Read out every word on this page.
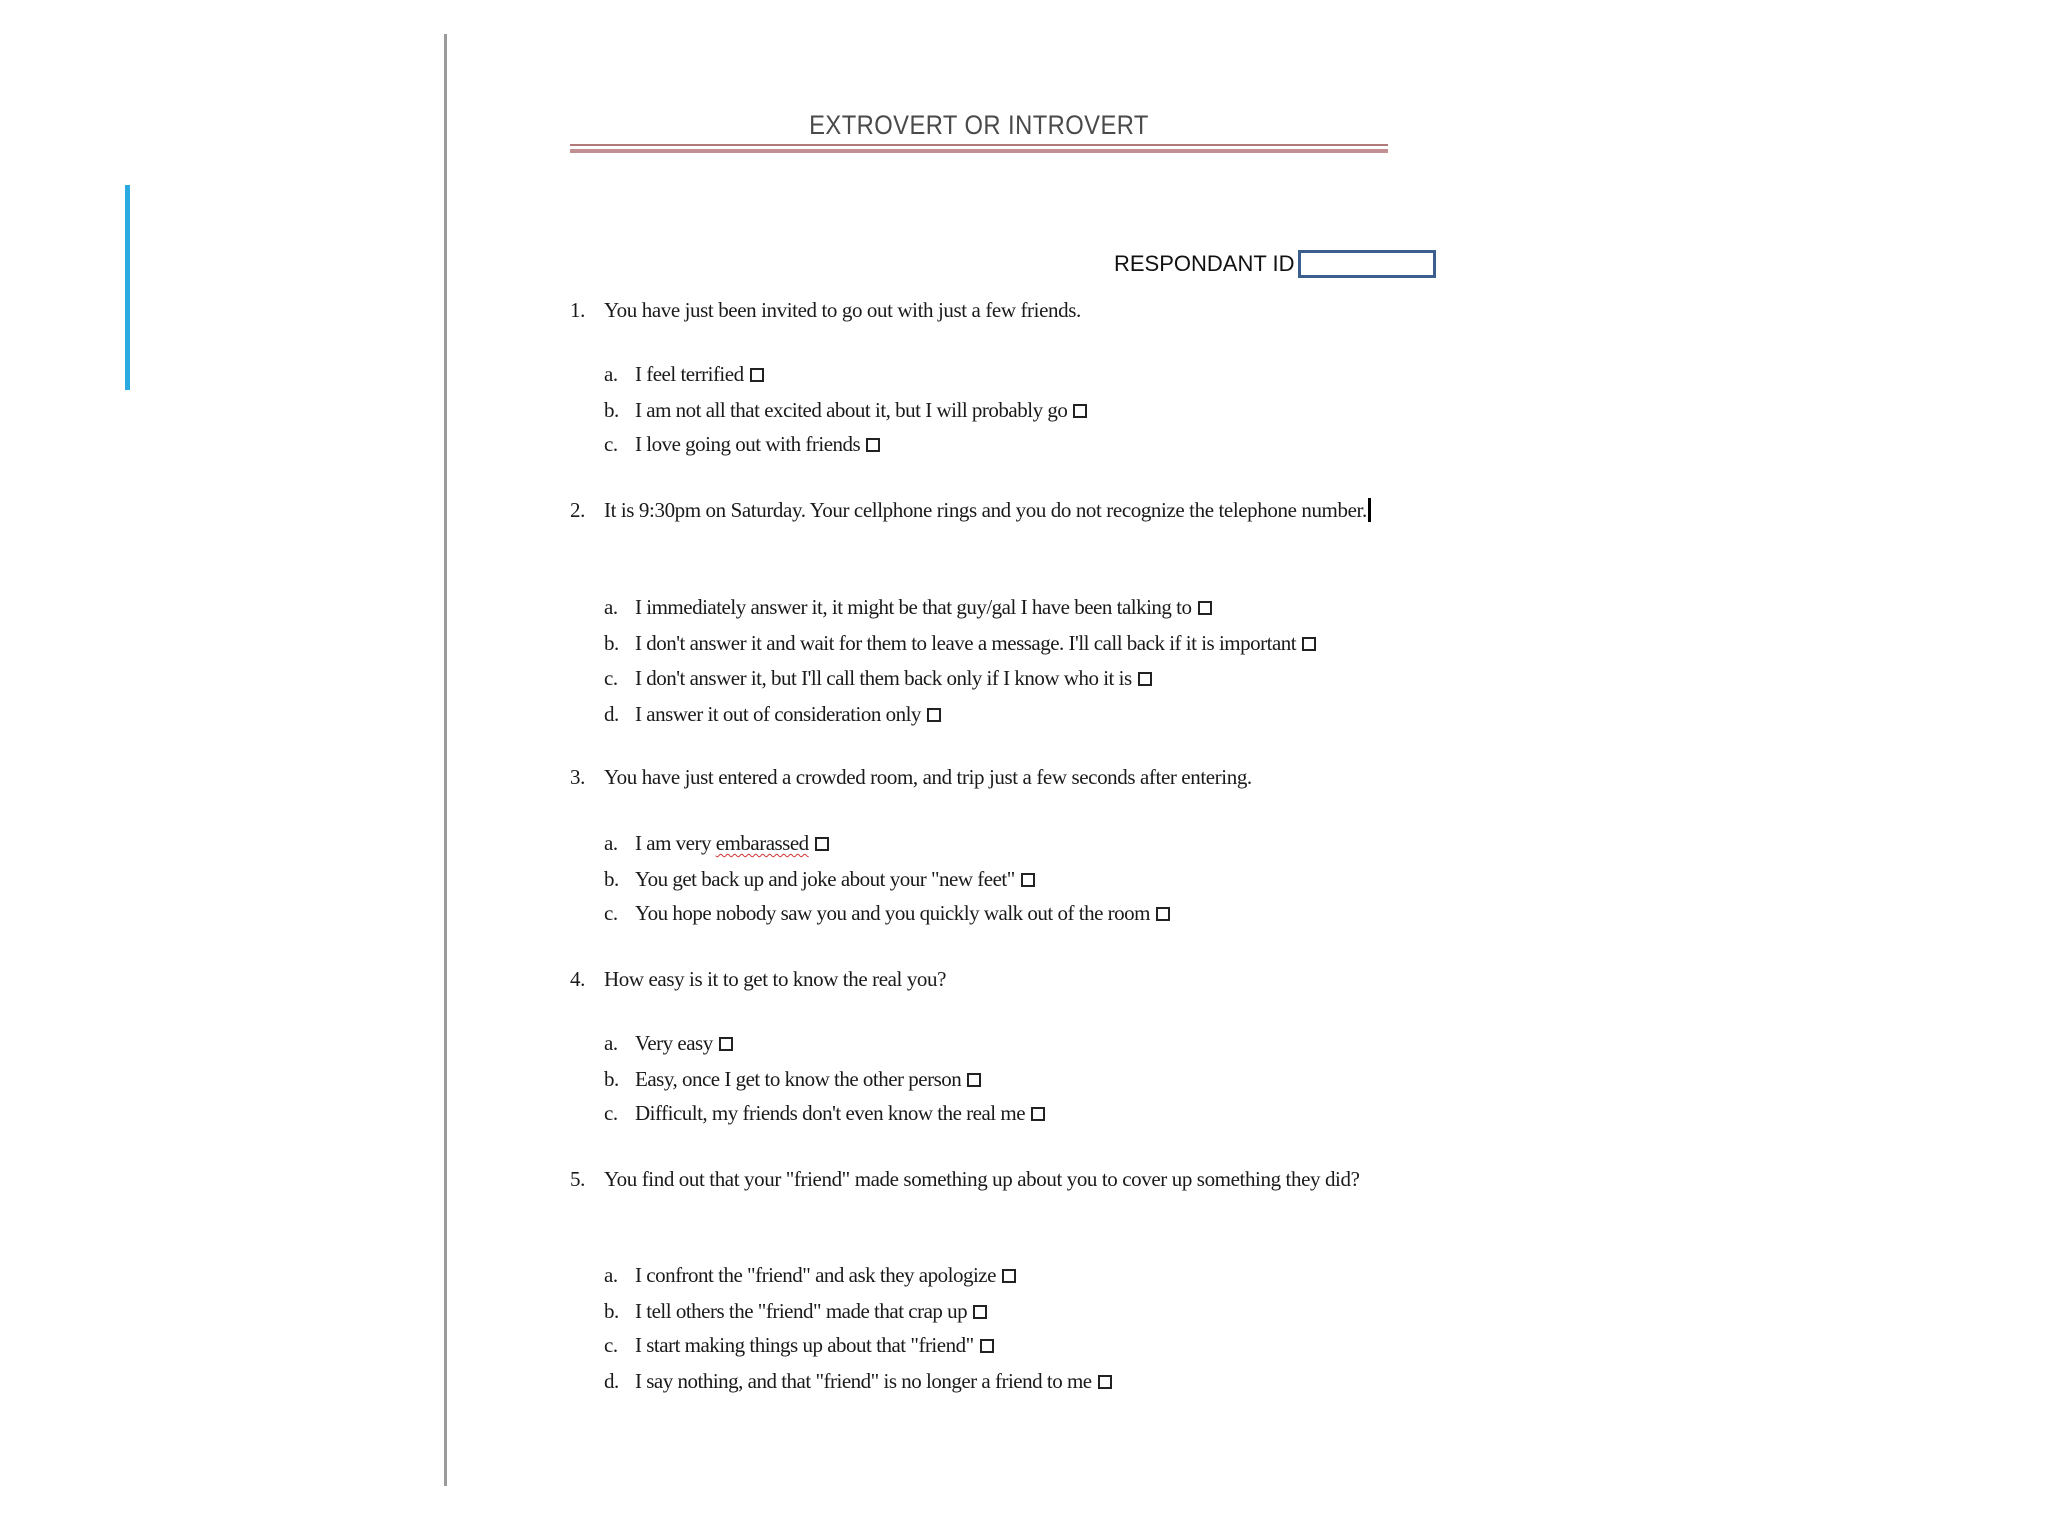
EXTROVERT OR INTROVERT
RESPONDANT ID
1. You have just been invited to go out with just a few friends.
a. I feel terrified
b. I am not all that excited about it, but I will probably go
c. I love going out with friends
2. It is 9:30pm on Saturday. Your cellphone rings and you do not recognize the telephone number.
a. I immediately answer it, it might be that guy/gal I have been talking to
b. I don't answer it and wait for them to leave a message. I'll call back if it is important
c. I don't answer it, but I'll call them back only if I know who it is
d. I answer it out of consideration only
3. You have just entered a crowded room, and trip just a few seconds after entering.
a. I am very embarassed
b. You get back up and joke about your "new feet"
c. You hope nobody saw you and you quickly walk out of the room
4. How easy is it to get to know the real you?
a. Very easy
b. Easy, once I get to know the other person
c. Difficult, my friends don't even know the real me
5. You find out that your "friend" made something up about you to cover up something they did?
a. I confront the "friend" and ask they apologize
b. I tell others the "friend" made that crap up
c. I start making things up about that "friend"
d. I say nothing, and that "friend" is no longer a friend to me
